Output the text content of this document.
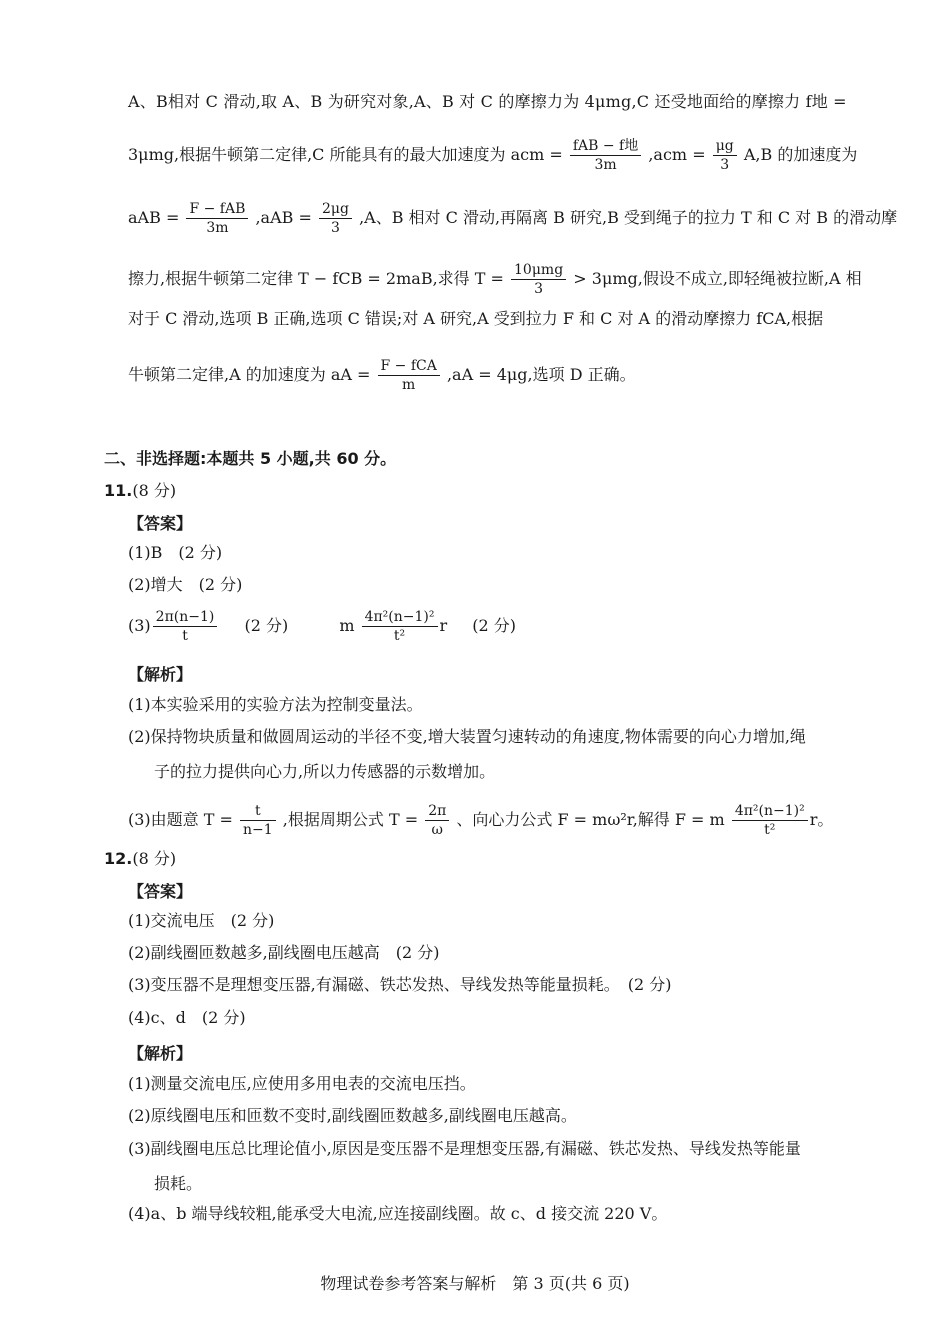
A、B相对 C 滑动,取 A、B 为研究对象,A、B 对 C 的摩擦力为 4μmg,C 还受地面给的摩擦力 f地 =
3μmg,根据牛顿第二定律,C 所能具有的最大加速度为 acm = $\frac{\text{fAB − f地}}{3m} ,acm = \frac{\mu g}{3} A,B$ 的加速度为
aAB = $\frac{\text{F − fAB}}{3m} ,aAB = \frac{2\mu g}{3} ,A$、B 相对 C 滑动,再隔离 B 研究,B 受到绳子的拉力 T 和 C 对 B 的滑动摩
擦力,根据牛顿第二定律 T − fCB = 2maB,求得 $T = \frac{\text{10μmg}}{3} > 3\mu mg$,假设不成立,即轻绳被拉断,A 相
对于 C 滑动,选项 B 正确,选项 C 错误;对 A 研究,A 受到拉力 F 和 C 对 A 的滑动摩擦力 fCA,根据
牛顿第二定律,A 的加速度为 aA = $\frac{\text{F − fCA}}{m} ,aA = 4\mu g$,选项 D 正确。
二、非选择题:本题共 5 小题,共 60 分。
11.(8 分)
【答案】
(1)B　(2 分)
(2)增大　(2 分)
$(3) \frac{2\pi(n-1)}{t} (2$ 分)	m $\frac{\text{4π²(n−1)²}}{\text{t²}}$ r (2 分)
【解析】
(1)本实验采用的实验方法为控制变量法。
(2)保持物块质量和做圆周运动的半径不变,增大装置匀速转动的角速度,物体需要的向心力增加,绳
子的拉力提供向心力,所以力传感器的示数增加。
(3)由题意 $T = \frac{t}{n-1}$ ,根据周期公式 $T = \frac{2\pi}{\omega}$ 、向心力公式 F = mω²r,解得 F = m $\frac{\text{4π²(n−1)²}}{\text{t²}}$ r。
12.(8 分)
【答案】
(1)交流电压　(2 分)
(2)副线圈匝数越多,副线圈电压越高　(2 分)
(3)变压器不是理想变压器,有漏磁、铁芯发热、导线发热等能量损耗。　(2 分)
(4)c、d　(2 分)
【解析】
(1)测量交流电压,应使用多用电表的交流电压挡。
(2)原线圈电压和匝数不变时,副线圈匝数越多,副线圈电压越高。
(3)副线圈电压总比理论值小,原因是变压器不是理想变压器,有漏磁、铁芯发热、导线发热等能量
损耗。
(4)a、b 端导线较粗,能承受大电流,应连接副线圈。故 c、d 接交流 220 V。
物理试卷参考答案与解析　第 3 页(共 6 页)
